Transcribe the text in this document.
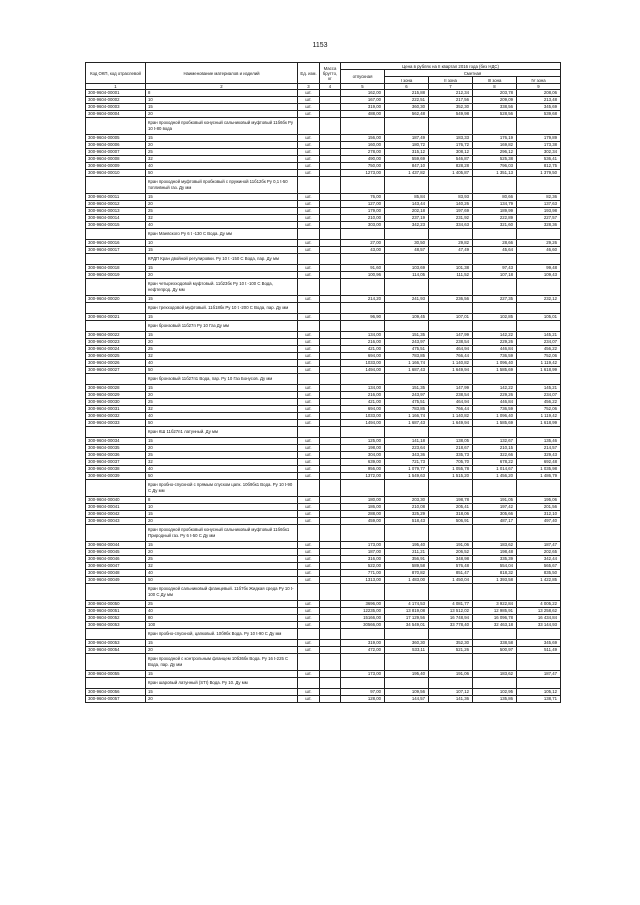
1153
Код ОКП, код отраслевой	Наименование материалов и изделий	Ед. изм.	Масса брутто, кг	Цена в рублях на II квартал 2016 года (без НДС)				
				отпускная	Сметная			
					I зона	II зона	III зона	IV зона
1	2	3	4	5	6	7	8	9
300-9604-00001	8	шт.		162,00	215,88	212,34	203,78	208,06
300-9604-00002	10	шт.		167,00	222,51	217,56	209,09	213,48
300-9604-00003	15	шт.		319,00	360,30	352,30	338,56	345,69
300-9604-00004	20	шт.		488,00	562,48	549,98	528,56	539,68
	Кран проходной пробковый конусный сальниковый муфтовый 11б6бк Ру 10 t-80 вода							
300-9604-00005	15	шт.		156,00	187,49	183,33	176,19	179,89
300-9604-00006	20	шт.		160,00	180,72	176,72	169,82	173,38
300-9604-00007	25	шт.		278,00	315,12	308,12	296,12	302,34
300-9604-00008	32	шт.		490,00	559,69	546,87	525,38	536,41
300-9604-00009	40	шт.		750,00	847,10	828,28	796,03	812,75
300-9604-00010	50	шт.		1273,00	1 437,82	1 405,87	1 351,13	1 379,50
	Кран проходной муфтовый пробковый с пружиной 11б12бк Ру 0,1 t-50 топливный газ. Ду мм							
300-9604-00011	15	шт.		76,00	85,84	83,93	80,66	82,36
300-9604-00012	20	шт.		127,00	143,44	140,26	134,79	137,63
300-9604-00013	25	шт.		179,00	202,18	197,69	189,99	193,98
300-9604-00014	32	шт.		210,00	237,19	231,92	222,89	227,57
300-9604-00015	40	шт.		303,00	342,23	334,63	321,60	328,36
	Кран Маевского Ру 6 t -130 С Вода. Ду мм							
300-9604-00016	10	шт.		27,00	30,50	29,82	28,66	29,26
300-9604-00017	15	шт.		43,00	48,57	47,49	45,64	46,60
	КРДП Кран двойной регулировки. Ру 10 t -150 С Вода, пар. Ду мм							
300-9604-00018	15	шт.		91,60	103,69	101,38	97,43	99,48
300-9604-00019	20	шт.		100,96	114,05	111,52	107,18	109,43
	Кран четырехходовой муфтовый. 11б23бк Ру 10 t -100 С Вода, нефтепрод. Ду мм							
300-9604-00020	15	шт.		214,20	241,93	236,56	227,35	232,12
	Кран трехходовой муфтовый. 11б18бк Ру 10 t -200 С Вода, пар. Ду мм							
300-9604-00021	15	шт.		96,90	109,45	107,01	102,85	105,01
	Кран бронзовый 11б27п Ру 10 Газ Ду мм							
300-9604-00022	15	шт.		134,00	151,35	147,99	142,22	145,21
300-9604-00023	20	шт.		216,00	243,97	238,54	229,26	234,07
300-9604-00024	25	шт.		421,00	475,51	464,94	446,84	456,22
300-9604-00025	32	шт.		694,00	783,85	766,44	736,59	752,06
300-9604-00026	40	шт.		1033,00	1 166,74	1 140,82	1 096,40	1 119,42
300-9604-00027	50	шт.		1494,00	1 687,43	1 649,94	1 585,69	1 618,99
	Кран бронзовый 11б27п1 Вода, пар. Ру 10 Газ Бонусов. Ду мм							
300-9604-00028	15	шт.		134,00	151,35	147,99	142,22	145,21
300-9604-00029	20	шт.		216,00	243,97	238,54	229,26	234,07
300-9604-00030	25	шт.		421,00	475,51	464,94	446,84	456,22
300-9604-00031	32	шт.		694,00	783,85	766,44	736,59	752,06
300-9604-00032	40	шт.		1033,00	1 166,74	1 140,82	1 096,40	1 119,42
300-9604-00033	50	шт.		1494,00	1 687,43	1 649,94	1 585,69	1 618,99
	Кран КШ 11б27п1 латунный. Ду мм							
300-9604-00034	15	шт.		125,00	141,18	138,05	132,67	135,46
300-9604-00035	20	шт.		198,00	223,64	218,67	210,15	214,57
300-9604-00036	25	шт.		304,00	343,36	335,73	322,66	329,43
300-9604-00037	32	шт.		639,00	721,73	705,70	678,22	692,48
300-9604-00038	40	шт.		956,00	1 079,77	1 055,78	1 014,67	1 035,98
300-9604-00039	50	шт.		1372,00	1 549,63	1 515,20	1 456,20	1 486,79
	Кран пробно-спускной с прямым спуском цапк. 10б9бк1 Вода. Ру 10 t-90 С Ду мм							
300-9604-00040	8	шт.		180,00	203,30	198,78	191,05	195,06
300-9604-00041	10	шт.		186,00	210,08	205,41	197,42	201,56
300-9604-00042	15	шт.		288,00	325,29	318,06	305,66	312,10
300-9604-00043	20	шт.		459,00	518,43	506,91	487,17	497,40
	Кран проходной пробковый конусный сальниковый муфтовый 11б6бк1 Природный газ. Ру 6 t-50 С Ду мм							
300-9604-00044	15	шт.		173,00	195,40	191,06	183,62	187,47
300-9604-00045	20	шт.		187,00	211,21	206,52	198,48	202,65
300-9604-00046	25	шт.		316,00	356,91	348,98	335,39	342,44
300-9604-00047	32	шт.		522,00	589,58	576,48	554,04	565,67
300-9604-00048	40	шт.		771,00	870,82	851,47	818,32	835,50
300-9604-00049	50	шт.		1313,00	1 483,00	1 450,04	1 393,58	1 422,85
	Кран проходной сальниковый фланцевый. 11б7бк Жидкая среда Ру 10 t-100 С Ду мм							
300-9604-00050	25	шт.		3696,00	4 174,53	4 081,77	3 922,84	4 005,22
300-9604-00051	40	шт.		12235,00	13 819,08	13 512,02	12 985,91	13 258,62
300-9604-00052	80	шт.		15166,00	17 129,56	16 748,94	16 096,78	16 434,84
300-9604-00053	100	шт.		30566,00	34 549,01	33 778,40	32 463,18	33 144,93
	Кран пробно-спускной, цапковый. 10б9бк Вода. Ру 10 t-90 С Ду мм							
300-9604-00053	15	шт.		319,00	360,30	352,30	338,58	345,69
300-9604-00054	20	шт.		472,00	533,11	521,26	500,97	511,49
	Кран проходной с контрольным фланцем 10б36бк Вода. Ру 16 t-225 С Вода, пар. Ду мм							
300-9604-00055	15	шт.		173,00	195,40	191,06	183,62	187,47
	Кран шаровый латунный (STI) Вода. Ру 10. Ду мм							
300-9604-00056	15	шт.		97,00	109,56	107,12	102,95	105,12
300-9604-00057	20	шт.		128,00	144,57	141,36	135,86	138,71
